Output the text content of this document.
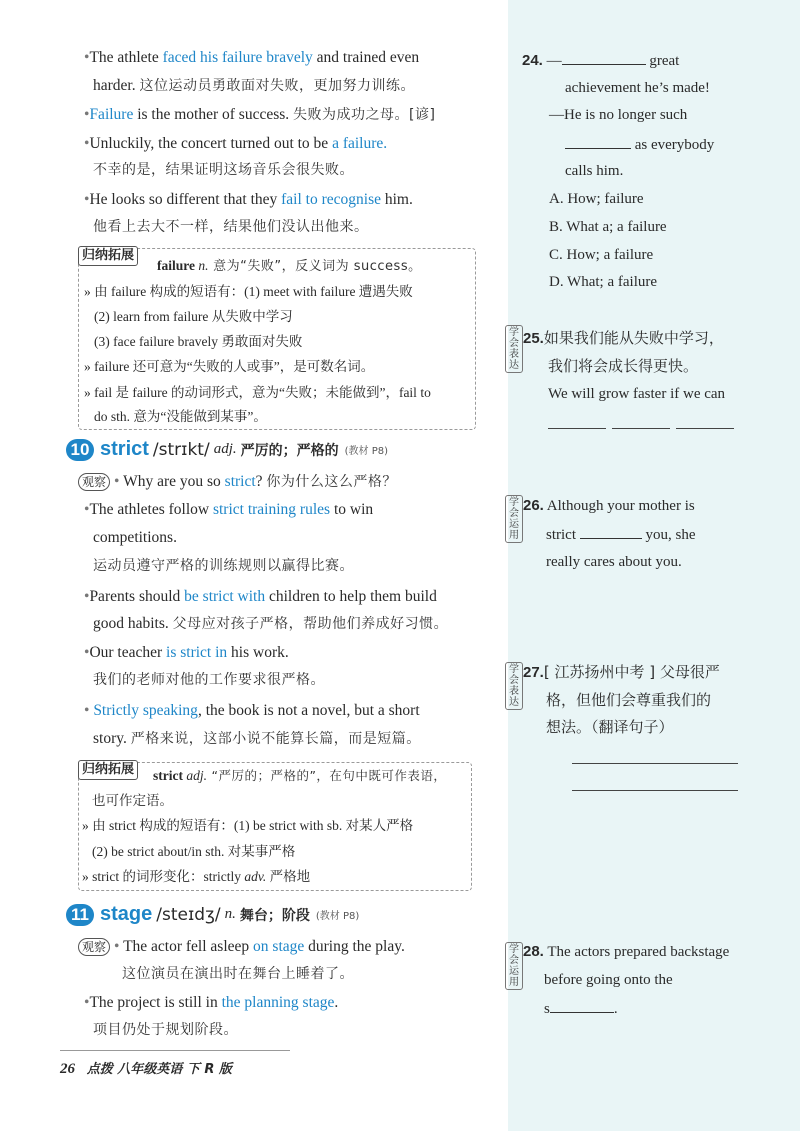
•The athlete faced his failure bravely and trained even
harder. 这位运动员勇敢面对失败，更加努力训练。
•Failure is the mother of success. 失败为成功之母。[谚]
•Unluckily, the concert turned out to be a failure.
不幸的是，结果证明这场音乐会很失败。
•He looks so different that they fail to recognise him.
他看上去大不一样，结果他们没认出他来。
归纳拓展
failure n. 意为“失败”，反义词为 success。
» 由 failure 构成的短语有：(1) meet with failure 遭遇失败
(2) learn from failure 从失败中学习
(3) face failure bravely 勇敢面对失败
» failure 还可意为“失败的人或事”，是可数名词。
» fail 是 failure 的动词形式，意为“失败；未能做到”，fail to
do sth. 意为“没能做到某事”。
10 strict /strɪkt/ adj. 严厉的；严格的 (教材 P8)
观察 • Why are you so strict? 你为什么这么严格？
•The athletes follow strict training rules to win
competitions.
运动员遵守严格的训练规则以赢得比赛。
•Parents should be strict with children to help them build
good habits. 父母应对孩子严格，帮助他们养成好习惯。
•Our teacher is strict in his work.
我们的老师对他的工作要求很严格。
• Strictly speaking, the book is not a novel, but a short
story. 严格来说，这部小说不能算长篇，而是短篇。
归纳拓展 strict adj. “严厉的；严格的”，在句中既可作表语，
也可作定语。
» 由 strict 构成的短语有：(1) be strict with sb. 对某人严格
(2) be strict about/in sth. 对某事严格
» strict 的词形变化：strictly adv. 严格地
11 stage /steɪdʒ/ n. 舞台；阶段 (教材 P8)
观察 • The actor fell asleep on stage during the play.
这位演员在演出时在舞台上睡着了。
•The project is still in the planning stage.
项目仍处于规划阶段。
26 点拨 八年级英语 下 R 版
24. —	great
achievement he’s made!
—He is no longer such
as everybody
calls him.
A. How; failure
B. What a; a failure
C. How; a failure
D. What; a failure
学会表达
25.如果我们能从失败中学习，
我们将会成长得更快。
We will grow faster if we can
学会运用
26. Although your mother is
strict	you, she
really cares about you.
学会表达
27.[ 江苏扬州中考 ] 父母很严
格，但他们会尊重我们的
想法。（翻译句子）
学会运用
28. The actors prepared backstage
before going onto the
s	.
